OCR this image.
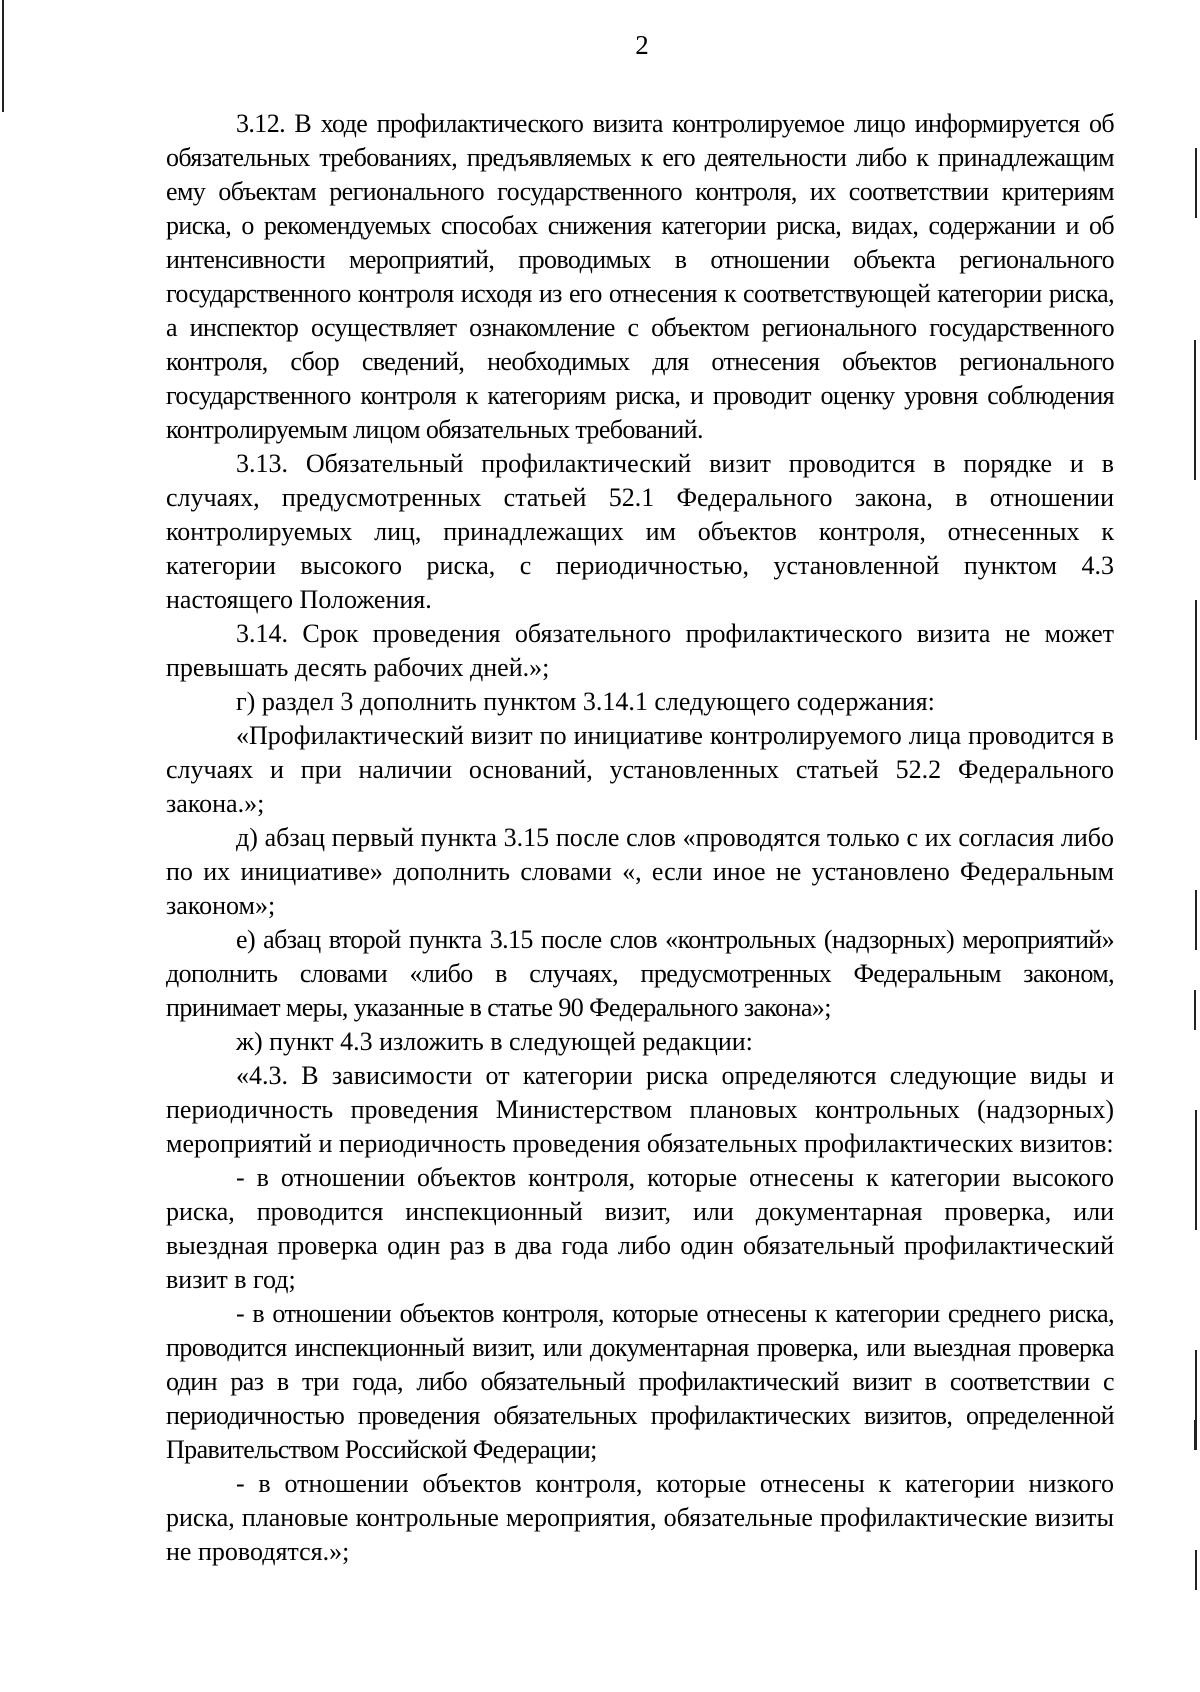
2

3.12. В ходе профилактического визита контролируемое лицо информируется об обязательных требованиях, предъявляемых к его деятельности либо к принадлежащим ему объектам регионального государственного контроля, их соответствии критериям риска, о рекомендуемых способах снижения категории риска, видах, содержании и об интенсивности мероприятий, проводимых в отношении объекта регионального государственного контроля исходя из его отнесения к соответствующей категории риска, а инспектор осуществляет ознакомление с объектом регионального государственного контроля, сбор сведений, необходимых для отнесения объектов регионального государственного контроля к категориям риска, и проводит оценку уровня соблюдения контролируемым лицом обязательных требований.

3.13. Обязательный профилактический визит проводится в порядке и в случаях, предусмотренных статьей 52.1 Федерального закона, в отношении контролируемых лиц, принадлежащих им объектов контроля, отнесенных к категории высокого риска, с периодичностью, установленной пунктом 4.3 настоящего Положения.

3.14. Срок проведения обязательного профилактического визита не может превышать десять рабочих дней.»;

г) раздел 3 дополнить пунктом 3.14.1 следующего содержания:

«Профилактический визит по инициативе контролируемого лица проводится в случаях и при наличии оснований, установленных статьей 52.2 Федерального закона.»;

д) абзац первый пункта 3.15 после слов «проводятся только с их согласия либо по их инициативе» дополнить словами «, если иное не установлено Федеральным законом»;

е) абзац второй пункта 3.15 после слов «контрольных (надзорных) мероприятий» дополнить словами «либо в случаях, предусмотренных Федеральным законом, принимает меры, указанные в статье 90 Федерального закона»;

ж) пункт 4.3 изложить в следующей редакции:

«4.3. В зависимости от категории риска определяются следующие виды и периодичность проведения Министерством плановых контрольных (надзорных) мероприятий и периодичность проведения обязательных профилактических визитов:

- в отношении объектов контроля, которые отнесены к категории высокого риска, проводится инспекционный визит, или документарная проверка, или выездная проверка один раз в два года либо один обязательный профилактический визит в год;

- в отношении объектов контроля, которые отнесены к категории среднего риска, проводится инспекционный визит, или документарная проверка, или выездная проверка один раз в три года, либо обязательный профилактический визит в соответствии с периодичностью проведения обязательных профилактических визитов, определенной Правительством Российской Федерации;

- в отношении объектов контроля, которые отнесены к категории низкого риска, плановые контрольные мероприятия, обязательные профилактические визиты не проводятся.»;
